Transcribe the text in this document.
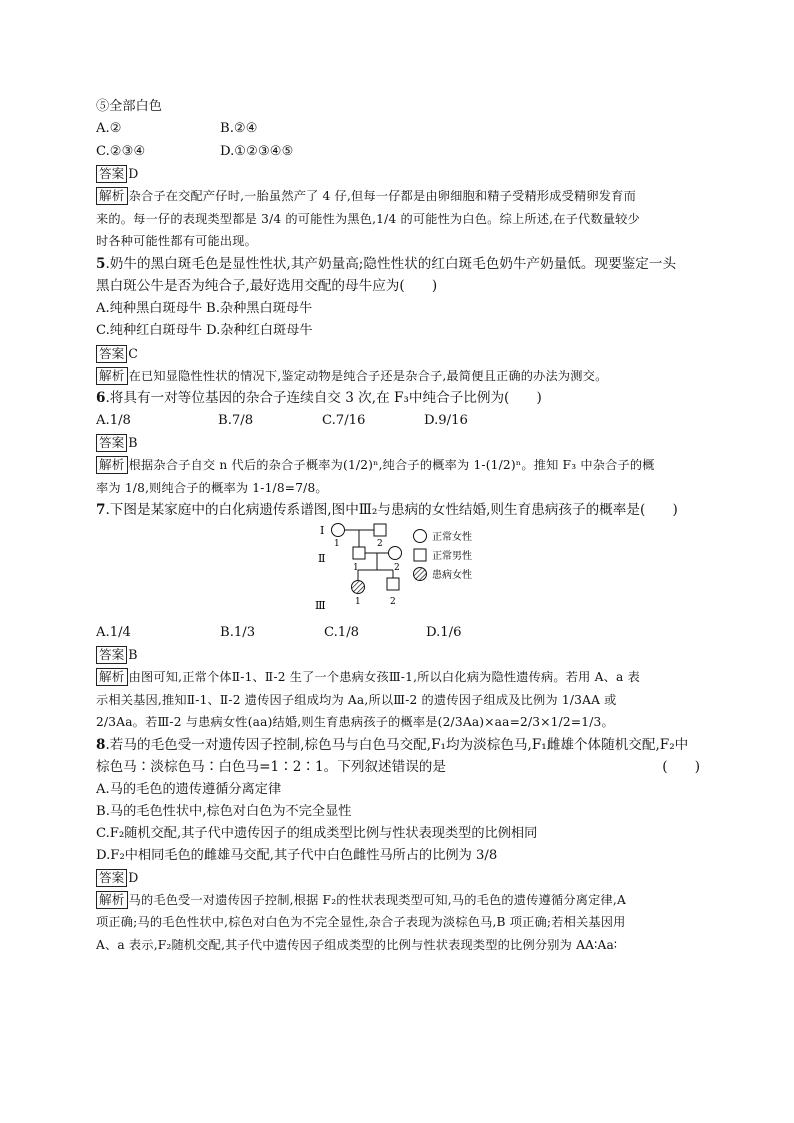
⑤全部白色
A.②	B.②④
C.②③④	D.①②③④⑤
答案 D
解析 杂合子在交配产仔时,一胎虽然产了 4 仔,但每一仔都是由卵细胞和精子受精形成受精卵发育而
来的。每一仔的表现类型都是 3/4 的可能性为黑色,1/4 的可能性为白色。综上所述,在子代数量较少
时各种可能性都有可能出现。
5.奶牛的黑白斑毛色是显性性状,其产奶量高;隐性性状的红白斑毛色奶牛产奶量低。现要鉴定一头
黑白斑公牛是否为纯合子,最好选用交配的母牛应为(　　)
A.纯种黑白斑母牛 B.杂种黑白斑母牛
C.纯种红白斑母牛 D.杂种红白斑母牛
答案 C
解析 在已知显隐性性状的情况下,鉴定动物是纯合子还是杂合子,最简便且正确的办法为测交。
6.将具有一对等位基因的杂合子连续自交 3 次,在 F₃中纯合子比例为(　　)
A.1/8	B.7/8	C.7/16	D.9/16
答案 B
解析 根据杂合子自交 n 代后的杂合子概率为(1/2)ⁿ,纯合子的概率为 1-(1/2)ⁿ。推知 F₃ 中杂合子的概
率为 1/8,则纯合子的概率为 1-1/8=7/8。
7.下图是某家庭中的白化病遗传系谱图,图中Ⅲ₂与患病的女性结婚,则生育患病孩子的概率是(　　)
Ⅰ
Ⅱ
Ⅲ
1	2
1	2
1	2
正常女性
正常男性
患病女性
A.1/4	B.1/3	C.1/8	D.1/6
答案 B
解析 由图可知,正常个体Ⅱ-1、Ⅱ-2 生了一个患病女孩Ⅲ-1,所以白化病为隐性遗传病。若用 A、a 表
示相关基因,推知Ⅱ-1、Ⅱ-2 遗传因子组成均为 Aa,所以Ⅲ-2 的遗传因子组成及比例为 1/3AA 或
2/3Aa。若Ⅲ-2 与患病女性(aa)结婚,则生育患病孩子的概率是(2/3Aa)×aa=2/3×1/2=1/3。
8.若马的毛色受一对遗传因子控制,棕色马与白色马交配,F₁均为淡棕色马,F₁雌雄个体随机交配,F₂中
棕色马∶淡棕色马∶白色马=1∶2∶1。下列叙述错误的是	(　　)
A.马的毛色的遗传遵循分离定律
B.马的毛色性状中,棕色对白色为不完全显性
C.F₂随机交配,其子代中遗传因子的组成类型比例与性状表现类型的比例相同
D.F₂中相同毛色的雌雄马交配,其子代中白色雌性马所占的比例为 3/8
答案 D
解析 马的毛色受一对遗传因子控制,根据 F₂的性状表现类型可知,马的毛色的遗传遵循分离定律,A
项正确;马的毛色性状中,棕色对白色为不完全显性,杂合子表现为淡棕色马,B 项正确;若相关基因用
A、a 表示,F₂随机交配,其子代中遗传因子组成类型的比例与性状表现类型的比例分别为 AA∶Aa∶
